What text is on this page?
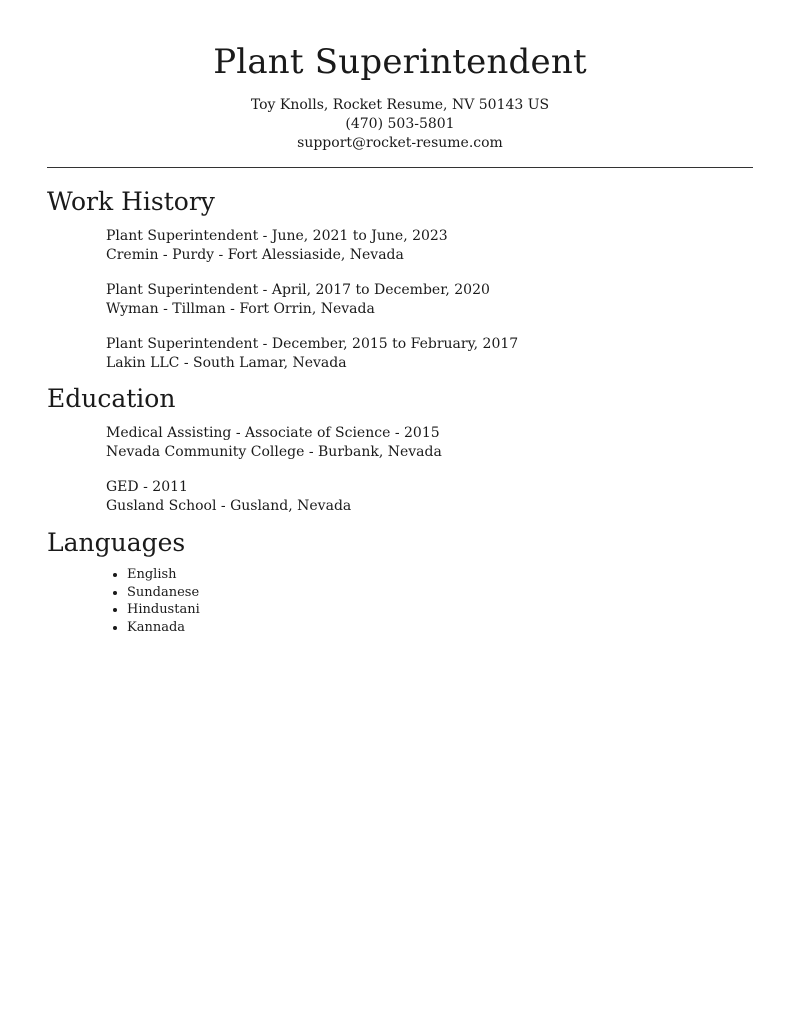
Plant Superintendent

Toy Knolls, Rocket Resume, NV 50143 US

(470) 503-5801

support@rocket-resume.com

Work History

Plant Superintendent - June, 2021 to June, 2023

Cremin - Purdy - Fort Alessiaside, Nevada

Plant Superintendent - April, 2017 to December, 2020

Wyman - Tillman - Fort Orrin, Nevada

Plant Superintendent - December, 2015 to February, 2017

Lakin LLC - South Lamar, Nevada

Education

Medical Assisting - Associate of Science - 2015

Nevada Community College - Burbank, Nevada

GED - 2011

Gusland School - Gusland, Nevada

Languages
• English
• Sundanese
• Hindustani
• Kannada
